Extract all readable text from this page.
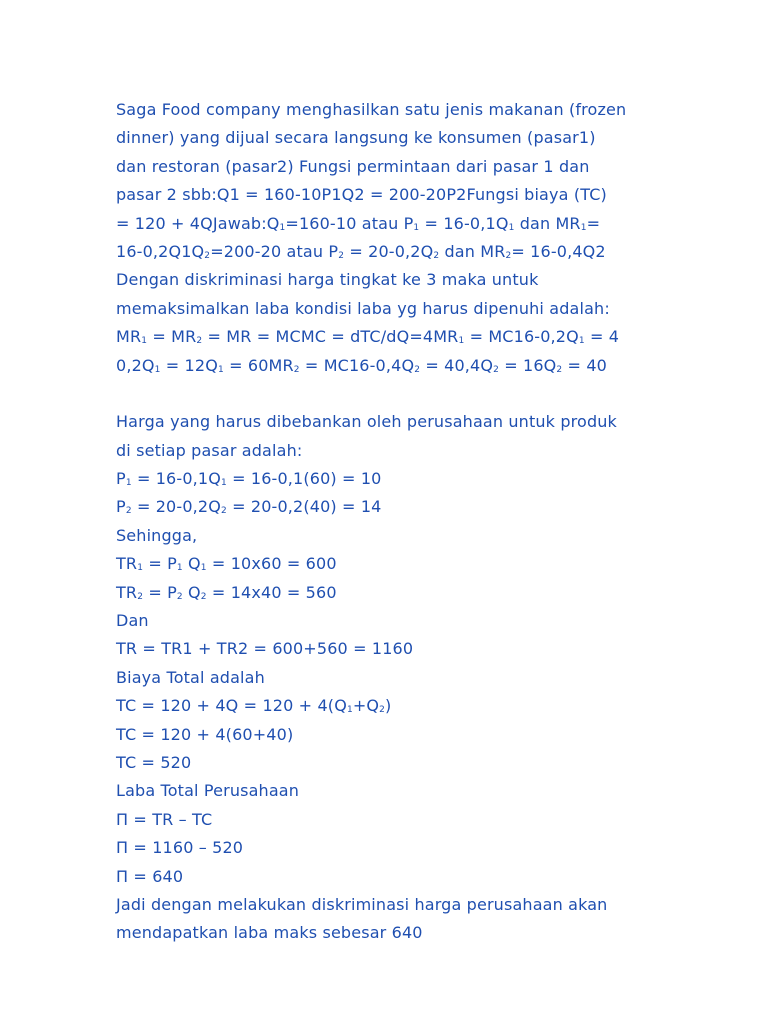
Saga Food company menghasilkan satu jenis makanan (frozen
dinner) yang dijual secara langsung ke konsumen (pasar1)
dan restoran (pasar2) Fungsi permintaan dari pasar 1 dan
pasar 2 sbb:Q1 = 160-10P1Q2 = 200-20P2Fungsi biaya (TC)
= $120 + 4QJawab:Q_1=160-10$ atau $P_1 = 16-0,1Q_1$ dan $MR_1=$
$16-0,2Q1Q_2=200-20$ atau $P_2 = 20-0,2Q_2$ dan $MR_2= 16-0,4Q2$
Dengan diskriminasi harga tingkat ke 3 maka untuk
memaksimalkan laba kondisi laba yg harus dipenuhi adalah:
$MR_1 = MR_2$ = MR = MCMC = dTC/$dQ=4MR_1 = MC16-0,2Q_1 = 4$
$0,2Q_1 = 12Q_1 = 60MR_2 = MC16-0,4Q_2 = 40,4Q_2 = 16Q_2 = 40$
Harga yang harus dibebankan oleh perusahaan untuk produk
di setiap pasar adalah:
$P_1 = 16-0,1Q_1 = 16-0,1(60) = 10$
$P_2 = 20-0,2Q_2 = 20-0,2(40) = 14$
Sehingga,
$TR_1 = P_1$ $Q_1 = 10x60 = 600$
$TR_2 = P_2$ $Q_2 = 14x40 = 560$
Dan
TR = TR1 + TR2 = 600+560 = 1160
Biaya Total adalah
TC = $120 + 4Q = 120 + 4(Q_1+Q_2)$
TC = 120 + 4(60+40)
TC = 520
Laba Total Perusahaan
Π = TR – TC
Π = 1160 – 520
Π = 640
Jadi dengan melakukan diskriminasi harga perusahaan akan
mendapatkan laba maks sebesar 640
